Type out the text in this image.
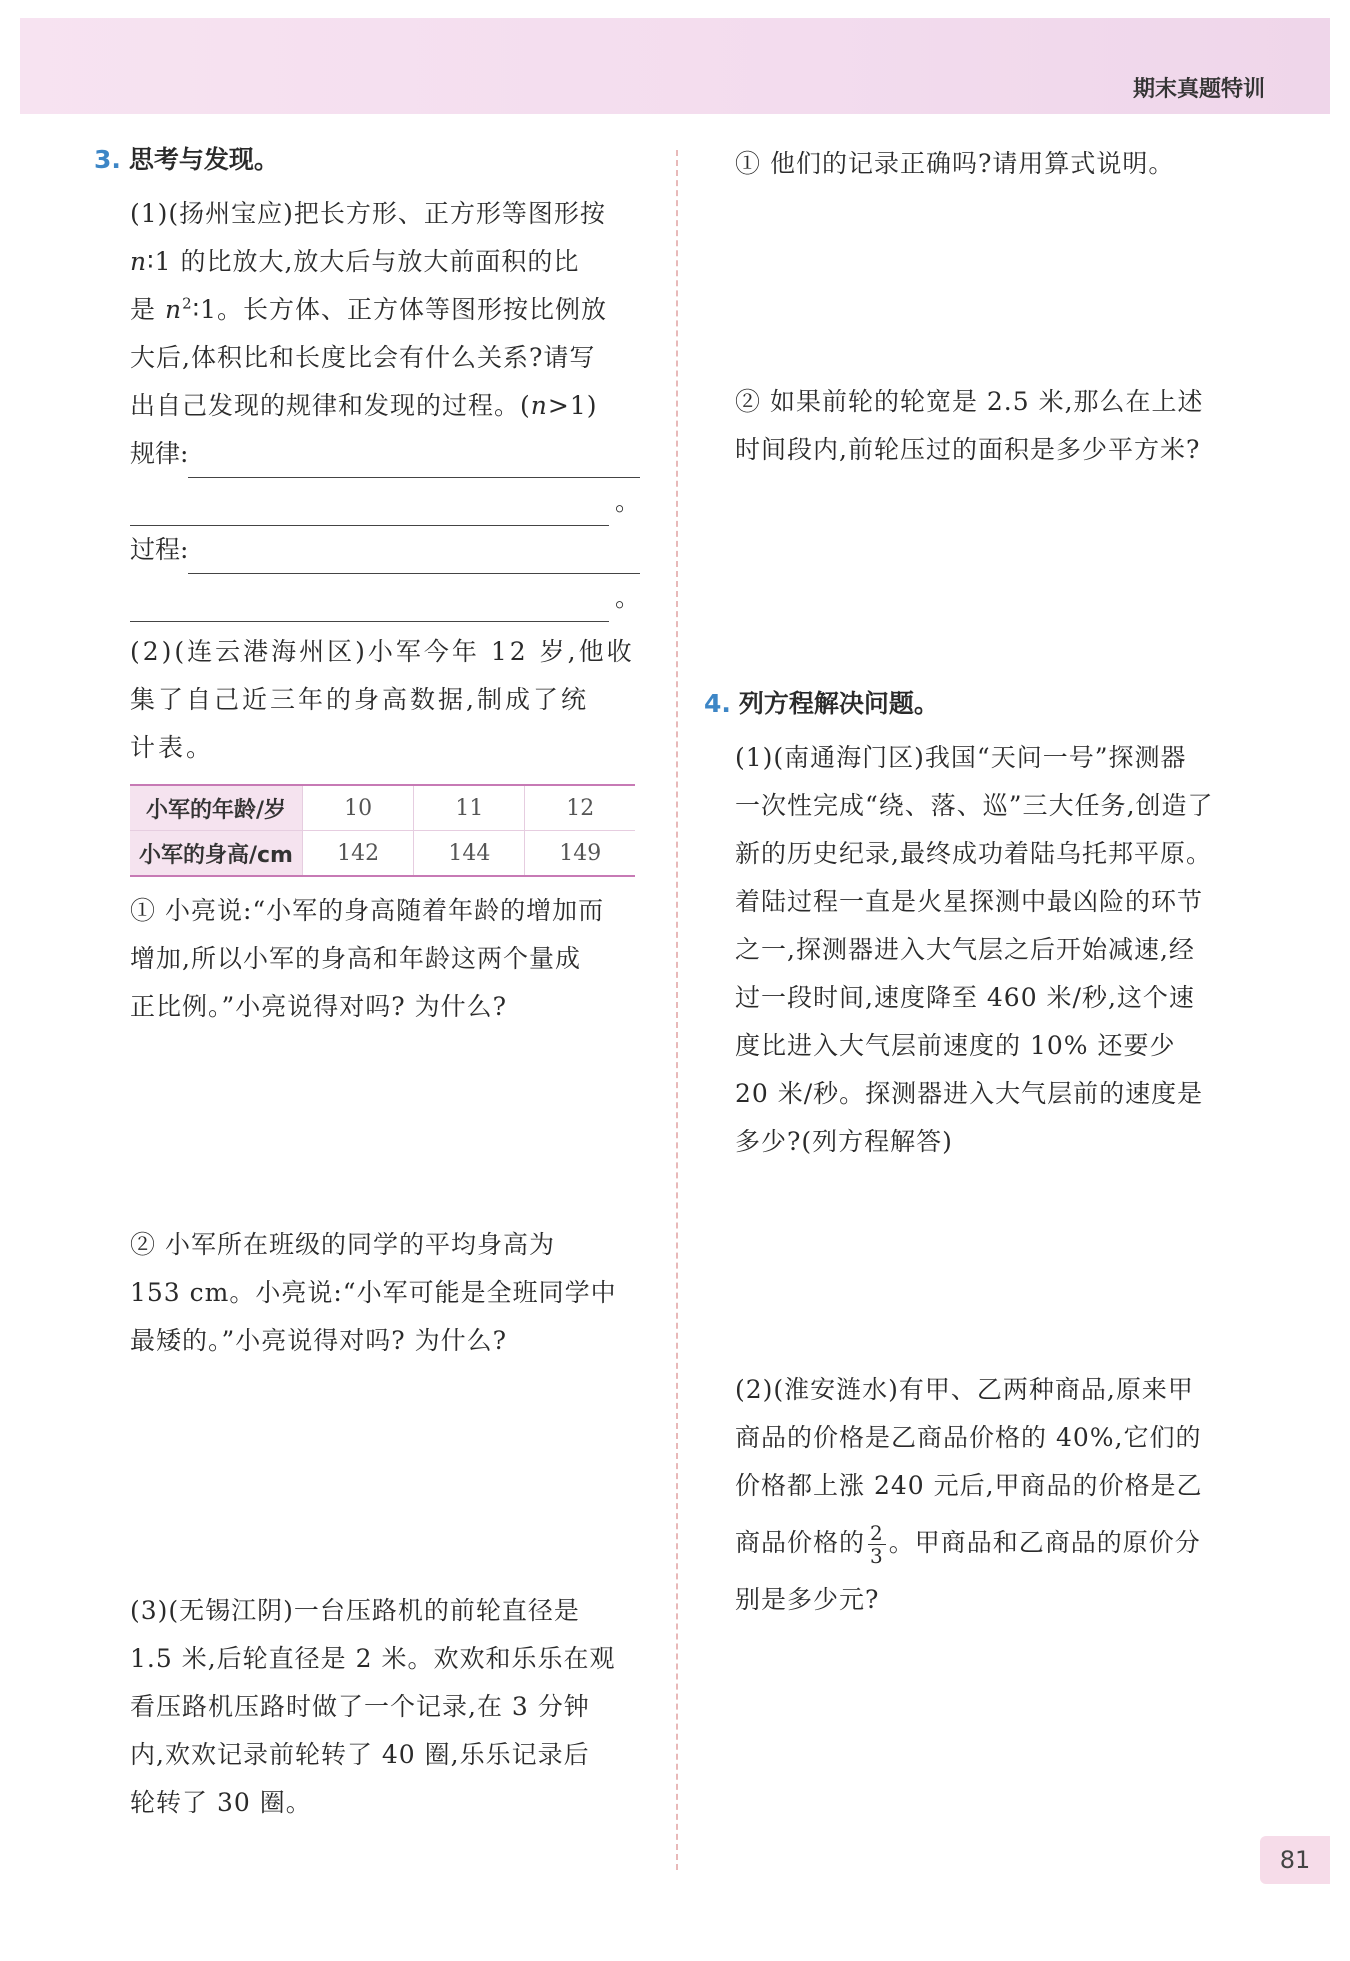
期末真题特训
3. 思考与发现。
(1)(扬州宝应)把长方形、正方形等图形按
n∶1 的比放大,放大后与放大前面积的比
是 $n^2∶1$。长方体、正方体等图形按比例放
大后,体积比和长度比会有什么关系?请写
出自己发现的规律和发现的过程。(n>1)
规律:
。
过程:
。
(2)(连云港海州区)小军今年 12 岁,他收
集了自己近三年的身高数据,制成了统
计表。
小军的年龄/岁	10	11	12
小军的身高/cm	142	144	149
① 小亮说:“小军的身高随着年龄的增加而
增加,所以小军的身高和年龄这两个量成
正比例。”小亮说得对吗? 为什么?
② 小军所在班级的同学的平均身高为
153 cm。小亮说:“小军可能是全班同学中
最矮的。”小亮说得对吗? 为什么?
(3)(无锡江阴)一台压路机的前轮直径是
1.5 米,后轮直径是 2 米。欢欢和乐乐在观
看压路机压路时做了一个记录,在 3 分钟
内,欢欢记录前轮转了 40 圈,乐乐记录后
轮转了 30 圈。
① 他们的记录正确吗?请用算式说明。
② 如果前轮的轮宽是 2.5 米,那么在上述
时间段内,前轮压过的面积是多少平方米?
4. 列方程解决问题。
(1)(南通海门区)我国“天问一号”探测器
一次性完成“绕、落、巡”三大任务,创造了
新的历史纪录,最终成功着陆乌托邦平原。
着陆过程一直是火星探测中最凶险的环节
之一,探测器进入大气层之后开始减速,经
过一段时间,速度降至 460 米/秒,这个速
度比进入大气层前速度的 10% 还要少
20 米/秒。探测器进入大气层前的速度是
多少?(列方程解答)
(2)(淮安涟水)有甲、乙两种商品,原来甲
商品的价格是乙商品价格的 40%,它们的
价格都上涨 240 元后,甲商品的价格是乙
商品价格的 $\frac{2}{3}$ 。甲商品和乙商品的原价分
别是多少元?
81
